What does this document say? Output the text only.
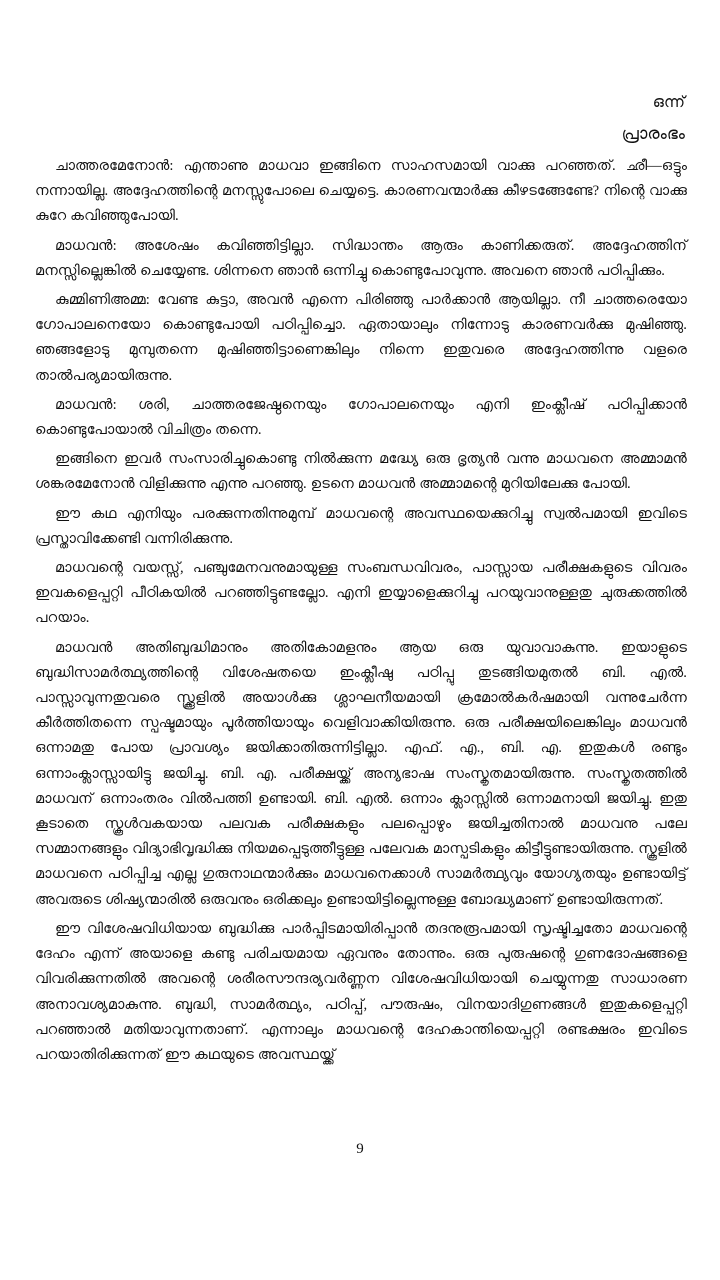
ഒന്ന്
പ്രാരംഭം

ചാത്തരമേനോൻ: എന്താണു മാധവാ ഇങ്ങിനെ സാഹസമായി വാക്കു പറഞ്ഞത്. ഛീ—ഒട്ടും നന്നായില്ല. അദ്ദേഹത്തിന്റെ മനസ്സുപോലെ ചെയ്യട്ടെ. കാരണവന്മാർക്കു കീഴടങ്ങേണ്ടേ? നിന്റെ വാക്കു കുറേ കവിഞ്ഞുപോയി.

മാധവൻ: അശേഷം കവിഞ്ഞിട്ടില്ലാ. സിദ്ധാന്തം ആരും കാണിക്കരുത്. അദ്ദേഹത്തിന് മനസ്സില്ലെങ്കിൽ ചെയ്യേണ്ട. ശിന്നനെ ഞാൻ ഒന്നിച്ചു കൊണ്ടുപോവുന്നു. അവനെ ഞാൻ പഠിപ്പിക്കും.

കുമ്മിണിഅമ്മ: വേണ്ട കുട്ടാ, അവൻ എന്നെ പിരിഞ്ഞു പാർക്കാൻ ആയില്ലാ. നീ ചാത്തരെയോ ഗോപാലനെയോ കൊണ്ടുപോയി പഠിപ്പിച്ചൊ. ഏതായാലും നിന്നോടു കാരണവർക്കു മുഷിഞ്ഞു. ഞങ്ങളോടു മുമ്പുതന്നെ മുഷിഞ്ഞിട്ടാണെങ്കിലും നിന്നെ ഇതുവരെ അദ്ദേഹത്തിന്നു വളരെ താൽപര്യമായിരുന്നു.

മാധവൻ: ശരി, ചാത്തരജേഷ്ഠനെയും ഗോപാലനെയും എനി ഇംക്ലീഷ് പഠിപ്പിക്കാൻ കൊണ്ടുപോയാൽ വിചിത്രം തന്നെ.

ഇങ്ങിനെ ഇവർ സംസാരിച്ചുകൊണ്ടു നിൽക്കുന്ന മദ്ധ്യേ ഒരു ഭൃത്യൻ വന്നു മാധവനെ അമ്മാമൻ ശങ്കരമേനോൻ വിളിക്കുന്നു എന്നു പറഞ്ഞു. ഉടനെ മാധവൻ അമ്മാമന്റെ മുറിയിലേക്കു പോയി.

ഈ കഥ എനിയും പരക്കുന്നതിന്നുമുമ്പ് മാധവന്റെ അവസ്ഥയെക്കുറിച്ചു സ്വൽപമായി ഇവിടെ പ്രസ്താവിക്കേണ്ടി വന്നിരിക്കുന്നു.

മാധവന്റെ വയസ്സ്, പഞ്ചുമേനവനുമായുള്ള സംബന്ധവിവരം, പാസ്സായ പരീക്ഷകളുടെ വിവരം ഇവകളെപ്പറ്റി പീഠികയിൽ പറഞ്ഞിട്ടുണ്ടല്ലോ. എനി ഇയ്യാളെക്കുറിച്ചു പറയുവാനുള്ളതു ചുരുക്കത്തിൽ പറയാം.

മാധവൻ അതിബുദ്ധിമാനും അതികോമളനും ആയ ഒരു യുവാവാകുന്നു. ഇയാളുടെ ബുദ്ധിസാമർത്ഥ്യത്തിന്റെ വിശേഷതയെ ഇംക്ലീഷു പഠിപ്പു തുടങ്ങിയമുതൽ ബി. എൽ. പാസ്സാവുന്നതുവരെ സ്ക്കൂളിൽ അയാൾക്കു ശ്ലാഘനീയമായി ക്രമോൽകർഷമായി വന്നുചേർന്ന കീർത്തിതന്നെ സ്പഷ്ടമായും പൂർത്തിയായും വെളിവാക്കിയിരുന്നു. ഒരു പരീക്ഷയിലെങ്കിലും മാധവൻ ഒന്നാമതു പോയ പ്രാവശ്യം ജയിക്കാതിരുന്നിട്ടില്ലാ. എഫ്. എ., ബി. എ. ഇതുകൾ രണ്ടും ഒന്നാംക്ലാസ്സായിട്ടു ജയിച്ചു. ബി. എ. പരീക്ഷയ്ക്ക് അന്യഭാഷ സംസ്കൃതമായിരുന്നു. സംസ്കൃതത്തിൽ മാധവന് ഒന്നാംതരം വിൽപത്തി ഉണ്ടായി. ബി. എൽ. ഒന്നാം ക്ലാസ്സിൽ ഒന്നാമനായി ജയിച്ചു. ഇതു കൂടാതെ സ്കൂൾവകയായ പലവക പരീക്ഷകളും പലപ്പൊഴും ജയിച്ചതിനാൽ മാധവനു പലേ സമ്മാനങ്ങളും വിദ്യാഭിവൃദ്ധിക്കു നിയമപ്പെടുത്തീട്ടുള്ള പലേവക മാസ്പടികളും കിട്ടീട്ടുണ്ടായിരുന്നു. സ്കൂളിൽ മാധവനെ പഠിപ്പിച്ച എല്ല ഗുരുനാഥന്മാർക്കും മാധവനെക്കാൾ സാമർത്ഥ്യവും യോഗ്യതയും ഉണ്ടായിട്ട് അവരുടെ ശിഷ്യന്മാരിൽ ഒരുവനും ഒരിക്കലും ഉണ്ടായിട്ടില്ലെന്നുള്ള ബോദ്ധ്യമാണ് ഉണ്ടായിരുന്നത്.

ഈ വിശേഷവിധിയായ ബുദ്ധിക്കു പാർപ്പിടമായിരിപ്പാൻ തദനുരൂപമായി സൃഷ്ടിച്ചതോ മാധവന്റെ ദേഹം എന്ന് അയാളെ കണ്ടു പരിചയമായ ഏവനും തോന്നും. ഒരു പുരുഷന്റെ ഗുണദോഷങ്ങളെ വിവരിക്കുന്നതിൽ അവന്റെ ശരീരസൗന്ദര്യവർണ്ണന വിശേഷവിധിയായി ചെയ്യുന്നതു സാധാരണ അനാവശ്യമാകുന്നു. ബുദ്ധി, സാമർത്ഥ്യം, പഠിപ്പ്, പൗരുഷം, വിനയാദിഗുണങ്ങൾ ഇതുകളെപ്പറ്റി പറഞ്ഞാൽ മതിയാവുന്നതാണ്. എന്നാലും മാധവന്റെ ദേഹകാന്തിയെപ്പറ്റി രണ്ടക്ഷരം ഇവിടെ പറയാതിരിക്കുന്നത് ഈ കഥയുടെ അവസ്ഥയ്ക്ക്

9
